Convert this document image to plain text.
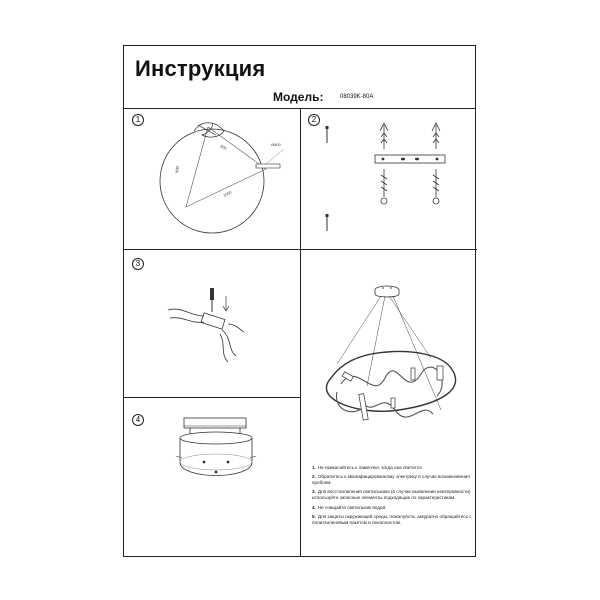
Инструкция
Модель:	08039K-80A
1	2
3
4
800
800
1000
Ø800
1. Не прикасайтесь к лампочке, когда она светится
2. Обратитесь к квалифицированному электрику в случае возникновения проблем.
3. Для восстановления светильника (в случае выявления неисправности) используйте запасные элементы подходящие по характеристикам.
4. Не очищайте светильник водой.
5. Для защиты окружающей среды, пожалуйста, аккуратно обращайтесь с полиэтиленовым пакетом и пенопластом.
